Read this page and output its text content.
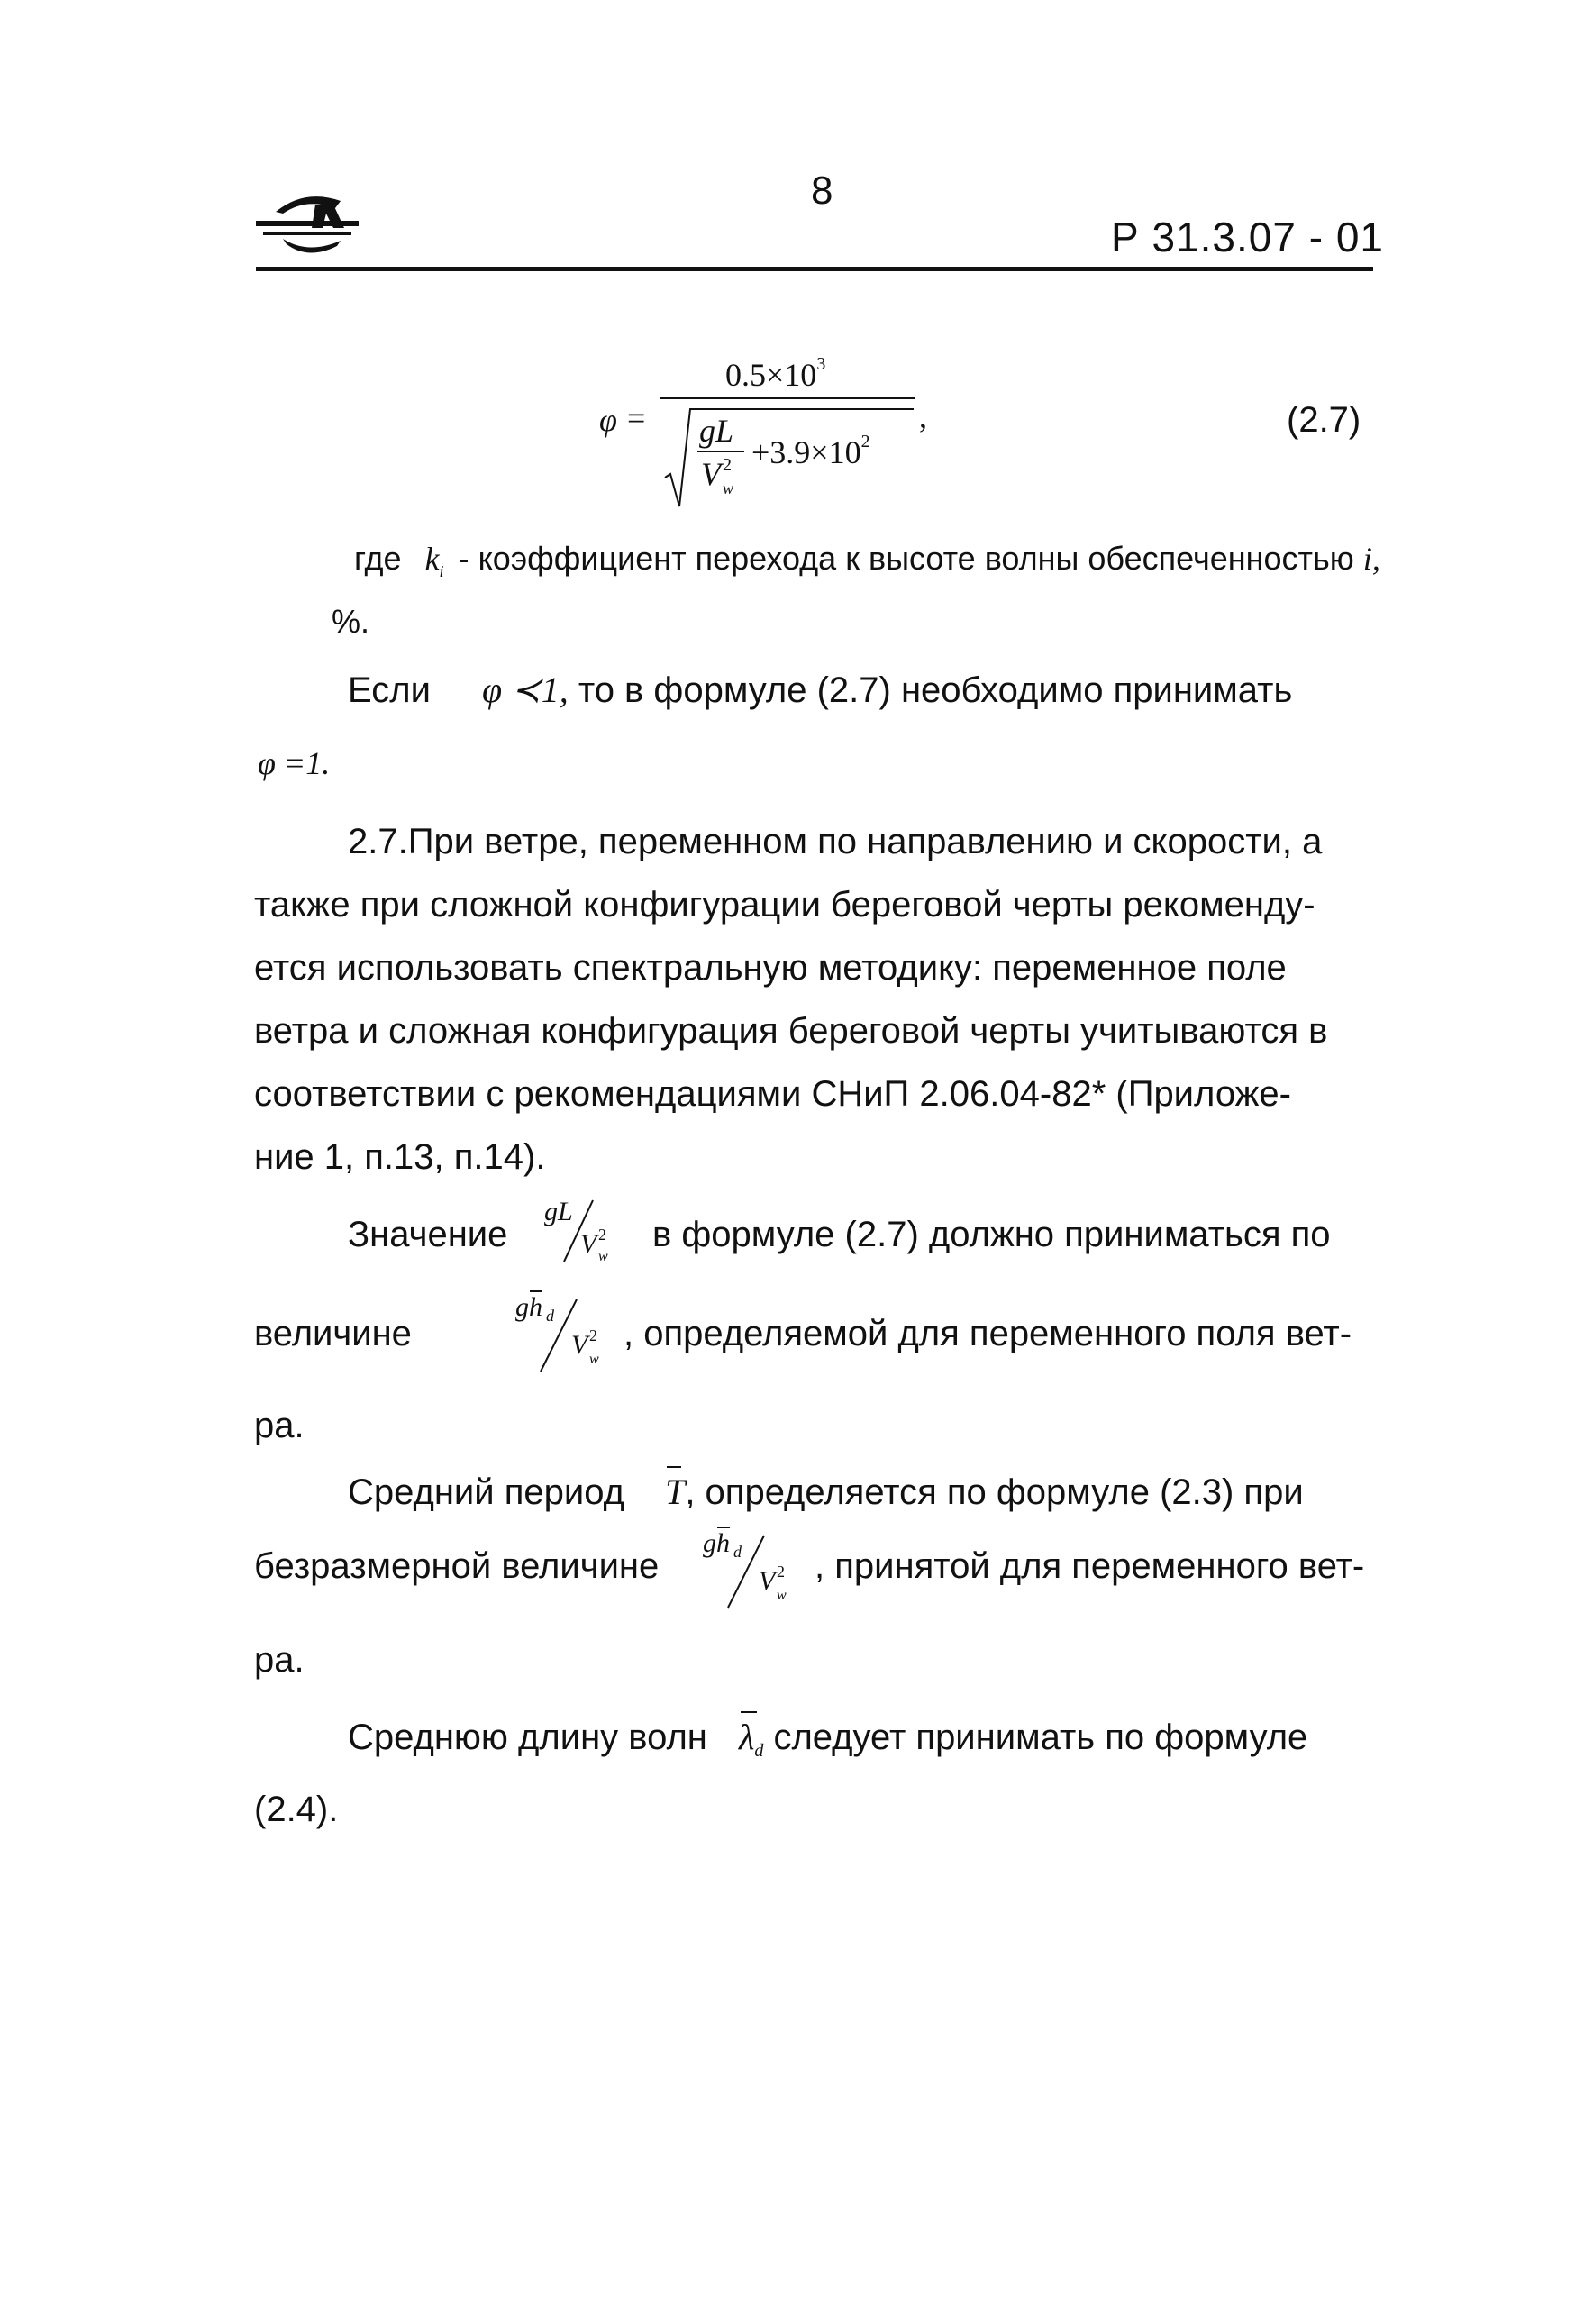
8
Р 31.3.07 - 01
φ =
$0.5\times 10^3$
gL
V 2
w
$+3.9\times 10^2$
,	(2.7)
где $k_i$ - коэффициент перехода к высоте волны обеспеченностью i,
%.
Если φ ≺1, то в формуле (2.7) необходимо принимать
φ =1.
2.7.При ветре, переменном по направлению и скорости, а
также при сложной конфигурации береговой черты рекоменду-
ется использовать спектральную методику: переменное поле
ветра и сложная конфигурация береговой черты учитываются в
соответствии с рекомендациями СНиП 2.06.04-82* (Приложе-
ние 1, п.13, п.14).
Значение
gL
V 2
w
в формуле (2.7) должно приниматься по
величине
gh d
V 2
w
, определяемой для переменного поля вет-
ра.
Средний период T, определяется по формуле (2.3) при
безразмерной величине
gh d
V 2
w
, принятой для переменного вет-
ра.
Среднюю длину волн $\lambda_d$ следует принимать по формуле
(2.4).
